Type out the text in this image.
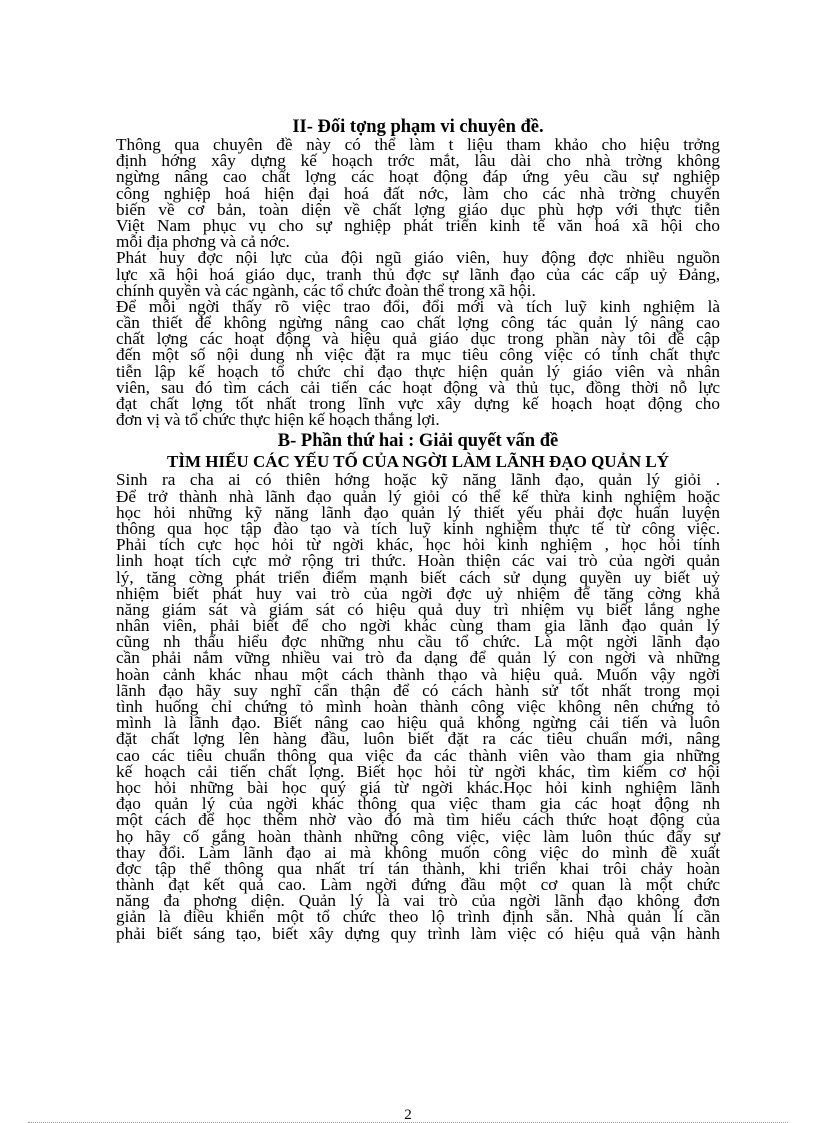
II- Đối tợng phạm vi chuyên đề.
Thông qua chuyên đề này có thể làm t liệu tham khảo cho hiệu trởng
định hớng xây dựng kế hoạch trớc mắt, lâu dài cho nhà trờng không
ngừng nâng cao chất lợng các hoạt động đáp ứng yêu cầu sự nghiệp
công nghiệp hoá hiện đại hoá đất nớc, làm cho các nhà trờng chuyển
biến về cơ bản, toàn diện về chất lợng giáo dục phù hợp với thực tiễn
Việt Nam phục vụ cho sự nghiệp phát triển kinh tế văn hoá xã hội cho
mỗi địa phơng và cả nớc.
Phát huy đợc nội lực của đội ngũ giáo viên, huy động đợc nhiều nguồn
lực xã hội hoá giáo dục, tranh thủ đợc sự lãnh đạo của các cấp uỷ Đảng,
chính quyền và các ngành, các tổ chức đoàn thể trong xã hội.
Để mỗi ngời thấy rõ việc trao đổi, đổi mới và tích luỹ kinh nghiệm là
cần thiết để không ngừng nâng cao chất lợng công tác quản lý nâng cao
chất lợng các hoạt động và hiệu quả giáo dục trong phần này tôi đề cập
đến một số nội dung nh việc đặt ra mục tiêu công việc có tính chất thực
tiễn lập kế hoạch tổ chức chỉ đạo thực hiện quản lý giáo viên và nhân
viên, sau đó tìm cách cải tiến các hoạt động và thủ tục, đồng thời nỗ lực
đạt chất lợng tốt nhất trong lĩnh vực xây dựng kế hoạch hoạt động cho
đơn vị và tổ chức thực hiện kế hoạch thắng lợi.
B- Phần thứ hai : Giải quyết vấn đề
TÌM HIỂU CÁC YẾU TỐ CỦA NGỜI LÀM LÃNH ĐẠO QUẢN LÝ
Sinh ra cha ai có thiên hớng hoặc kỹ năng lãnh đạo, quản lý giỏi .
Để trở thành nhà lãnh đạo quản lý giỏi có thể kế thừa kinh nghiệm hoặc
học hỏi những kỹ năng lãnh đạo quản lý thiết yếu phải đợc huấn luyện
thông qua học tập đào tạo và tích luỹ kinh nghiệm thực tế từ công việc.
Phải tích cực học hỏi từ ngời khác, học hỏi kinh nghiệm , học hỏi tính
linh hoạt tích cực mở rộng tri thức. Hoàn thiện các vai trò của ngời quản
lý, tăng cờng phát triển điểm mạnh biết cách sử dụng quyền uy biết uỷ
nhiệm biết phát huy vai trò của ngời đợc uỷ nhiệm để tăng cờng khả
năng giám sát và giám sát có hiệu quả duy trì nhiệm vụ biết lắng nghe
nhân viên, phải biết để cho ngời khác cùng tham gia lãnh đạo quản lý
cũng nh thấu hiểu đợc những nhu cầu tổ chức. Là một ngời lãnh đạo
cần phải nắm vững nhiều vai trò đa dạng để quản lý con ngời và những
hoàn cảnh khác nhau một cách thành thạo và hiệu quả. Muốn vậy ngời
lãnh đạo hãy suy nghĩ cẩn thận để có cách hành sử tốt nhất trong mọi
tình huống chỉ chứng tỏ mình hoàn thành công việc không nên chứng tỏ
mình là lãnh đạo. Biết nâng cao hiệu quả không ngừng cải tiến và luôn
đặt chất lợng lên hàng đầu, luôn biết đặt ra các tiêu chuẩn mới, nâng
cao các tiêu chuẩn thông qua việc đa các thành viên vào tham gia những
kế hoạch cải tiến chất lợng. Biết học hỏi từ ngời khác, tìm kiếm cơ hội
học hỏi những bài học quý giá từ ngời khác.Học hỏi kinh nghiệm lãnh
đạo quản lý của ngời khác thông qua việc tham gia các hoạt động nh
một cách để học thêm nhờ vào đó mà tìm hiểu cách thức hoạt động của
họ hãy cố gắng hoàn thành những công việc, việc làm luôn thúc đẩy sự
thay đổi. Làm lãnh đạo ai mà không muốn công việc do mình đề xuất
đợc tập thể thông qua nhất trí tán thành, khi triển khai trôi chảy hoàn
thành đạt kết quả cao. Làm ngời đứng đầu một cơ quan là một chức
năng đa phơng diện. Quản lý là vai trò của ngời lãnh đạo không đơn
giản là điều khiển một tổ chức theo lộ trình định sẵn. Nhà quản lí cần
phải biết sáng tạo, biết xây dựng quy trình làm việc có hiệu quả vận hành
2
